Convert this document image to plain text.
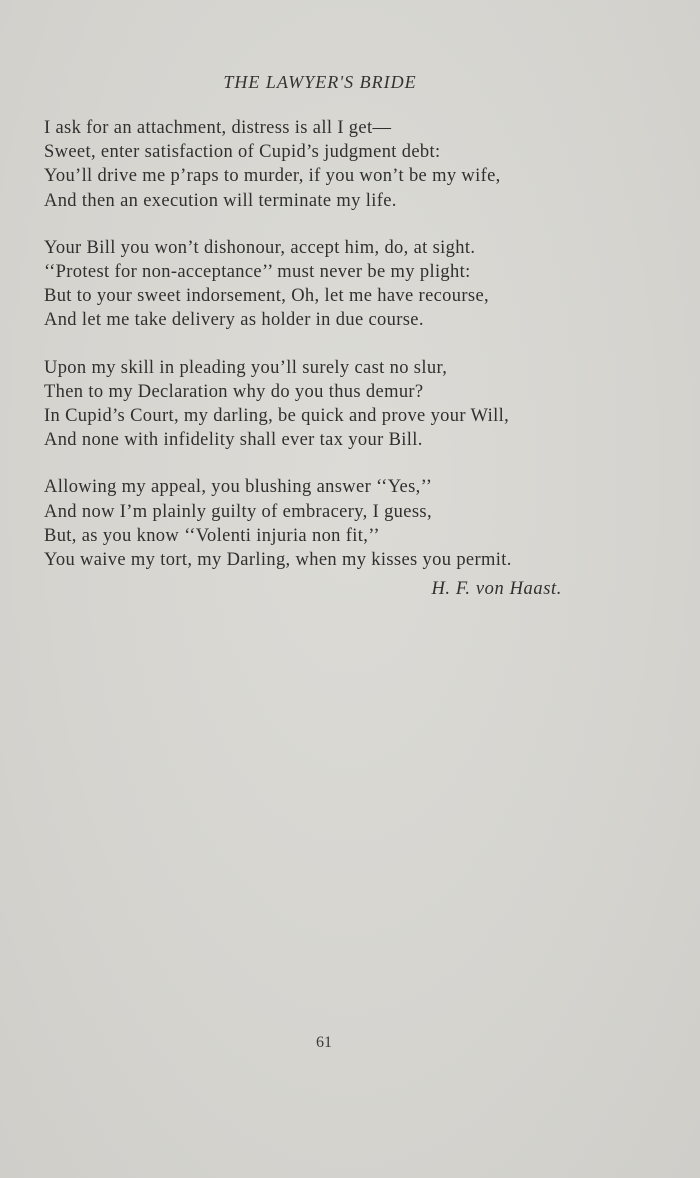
THE LAWYER'S BRIDE
I ask for an attachment, distress is all I get—
Sweet, enter satisfaction of Cupid’s judgment debt:
You’ll drive me p’raps to murder, if you won’t be my wife,
And then an execution will terminate my life.
Your Bill you won’t dishonour, accept him, do, at sight.
‘‘Protest for non-acceptance’’ must never be my plight:
But to your sweet indorsement, Oh, let me have recourse,
And let me take delivery as holder in due course.
Upon my skill in pleading you’ll surely cast no slur,
Then to my Declaration why do you thus demur?
In Cupid’s Court, my darling, be quick and prove your Will,
And none with infidelity shall ever tax your Bill.
Allowing my appeal, you blushing answer ‘‘Yes,’’
And now I’m plainly guilty of embracery, I guess,
But, as you know ‘‘Volenti injuria non fit,’’
You waive my tort, my Darling, when my kisses you permit.
H. F. von Haast.
61
